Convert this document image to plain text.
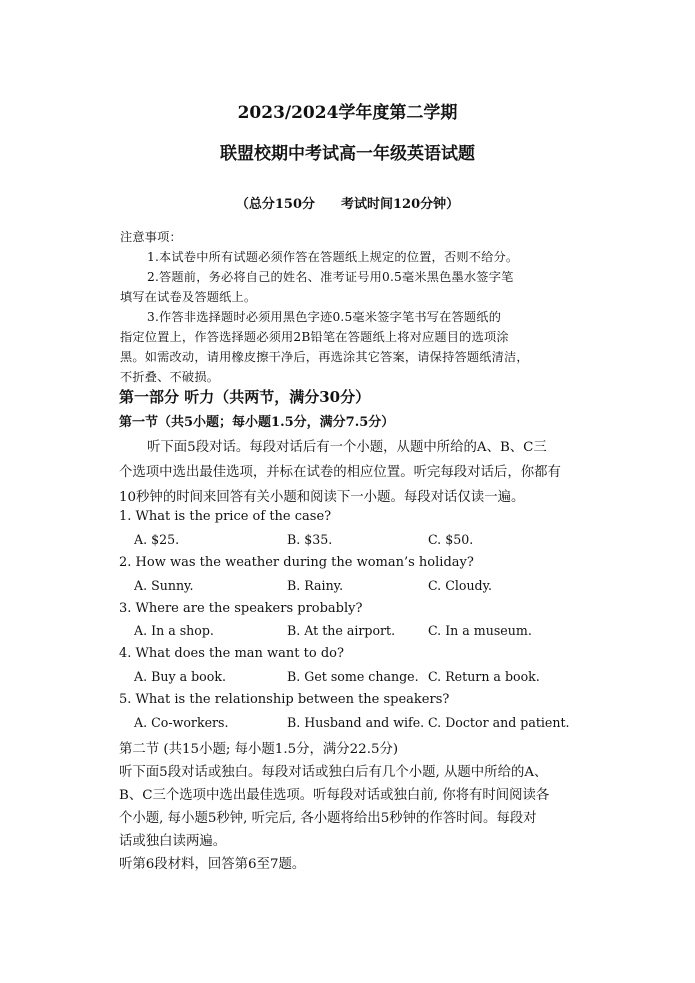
2023/2024学年度第二学期
联盟校期中考试高一年级英语试题
（总分150分　　考试时间120分钟）
注意事项：
1.本试卷中所有试题必须作答在答题纸上规定的位置，否则不给分。
2.答题前，务必将自己的姓名、准考证号用0.5毫米黑色墨水签字笔
填写在试卷及答题纸上。
3.作答非选择题时必须用黑色字迹0.5毫米签字笔书写在答题纸的
指定位置上，作答选择题必须用2B铅笔在答题纸上将对应题目的选项涂
黑。如需改动，请用橡皮擦干净后，再选涂其它答案，请保持答题纸清洁，
不折叠、不破损。
第一部分 听力（共两节，满分30分）
第一节（共5小题；每小题1.5分，满分7.5分）
听下面5段对话。每段对话后有一个小题，从题中所给的A、B、C三
个选项中选出最佳选项，并标在试卷的相应位置。听完每段对话后，你都有
10秒钟的时间来回答有关小题和阅读下一小题。每段对话仅读一遍。
1. What is the price of the case?
A. $25.	B. $35.	C. $50.
2. How was the weather during the woman’s holiday?
A. Sunny.	B. Rainy.	C. Cloudy.
3. Where are the speakers probably?
A. In a shop.	B. At the airport.	C. In a museum.
4. What does the man want to do?
A. Buy a book.	B. Get some change. C. Return a book.
5. What is the relationship between the speakers?
A. Co-workers.	B. Husband and wife. C. Doctor and patient.
第二节 (共15小题; 每小题1.5分，满分22.5分)
听下面5段对话或独白。每段对话或独白后有几个小题, 从题中所给的A、
B、C三个选项中选出最佳选项。听每段对话或独白前, 你将有时间阅读各
个小题, 每小题5秒钟, 听完后, 各小题将给出5秒钟的作答时间。每段对
话或独白读两遍。
听第6段材料，回答第6至7题。
